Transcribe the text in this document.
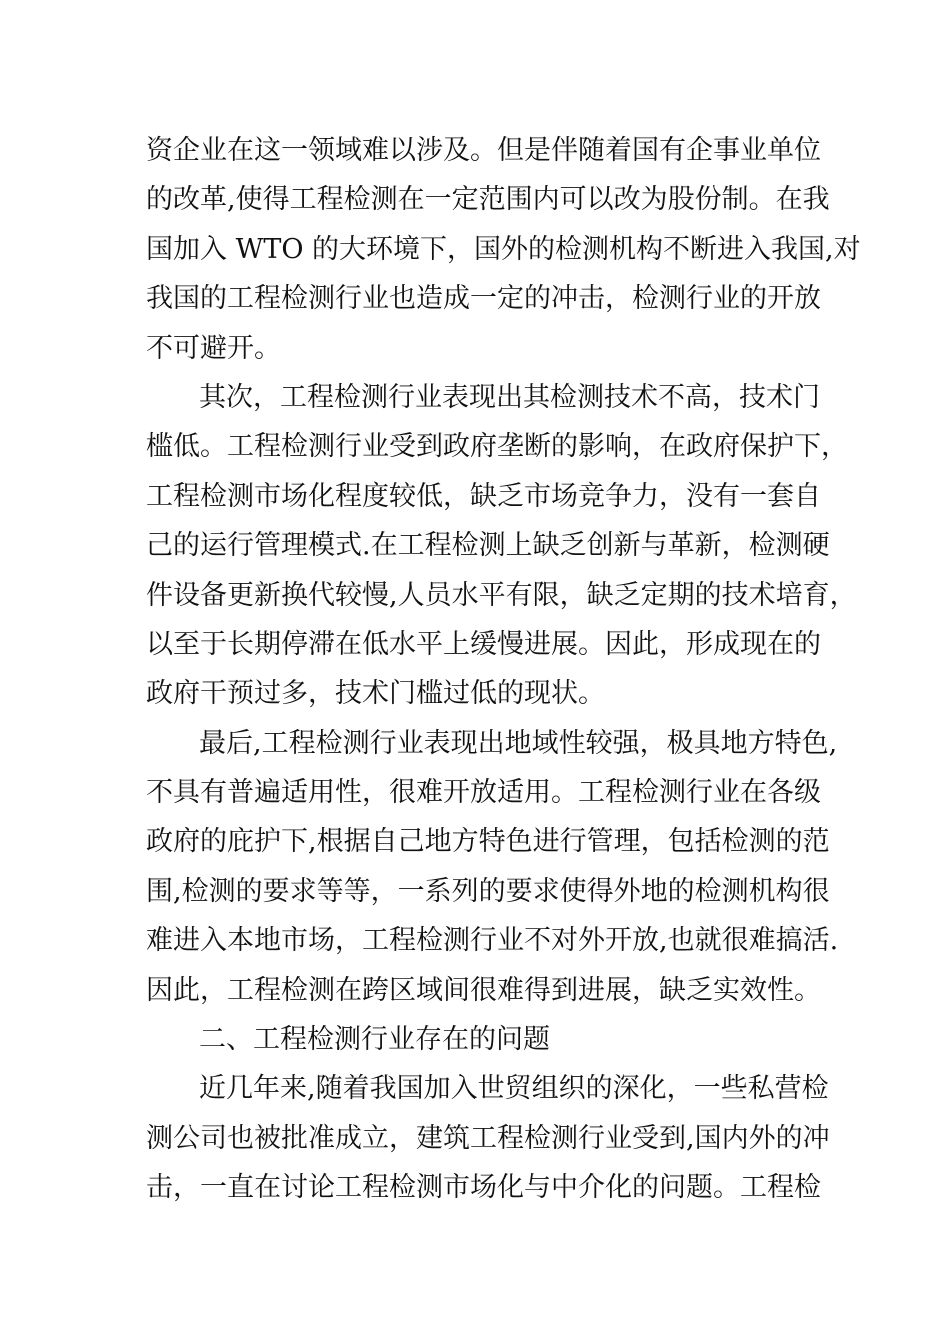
资企业在这一领域难以涉及。但是伴随着国有企事业单位
的改革,使得工程检测在一定范围内可以改为股份制。在我
国加入 WTO 的大环境下，国外的检测机构不断进入我国,对
我国的工程检测行业也造成一定的冲击，检测行业的开放
不可避开。
其次，工程检测行业表现出其检测技术不高，技术门
槛低。工程检测行业受到政府垄断的影响，在政府保护下，
工程检测市场化程度较低，缺乏市场竞争力，没有一套自
己的运行管理模式.在工程检测上缺乏创新与革新，检测硬
件设备更新换代较慢,人员水平有限，缺乏定期的技术培育，
以至于长期停滞在低水平上缓慢进展。因此，形成现在的
政府干预过多，技术门槛过低的现状。
最后,工程检测行业表现出地域性较强，极具地方特色,
不具有普遍适用性，很难开放适用。工程检测行业在各级
政府的庇护下,根据自己地方特色进行管理，包括检测的范
围,检测的要求等等，一系列的要求使得外地的检测机构很
难进入本地市场，工程检测行业不对外开放,也就很难搞活.
因此，工程检测在跨区域间很难得到进展，缺乏实效性。
二、工程检测行业存在的问题
近几年来,随着我国加入世贸组织的深化，一些私营检
测公司也被批准成立，建筑工程检测行业受到,国内外的冲
击，一直在讨论工程检测市场化与中介化的问题。工程检
